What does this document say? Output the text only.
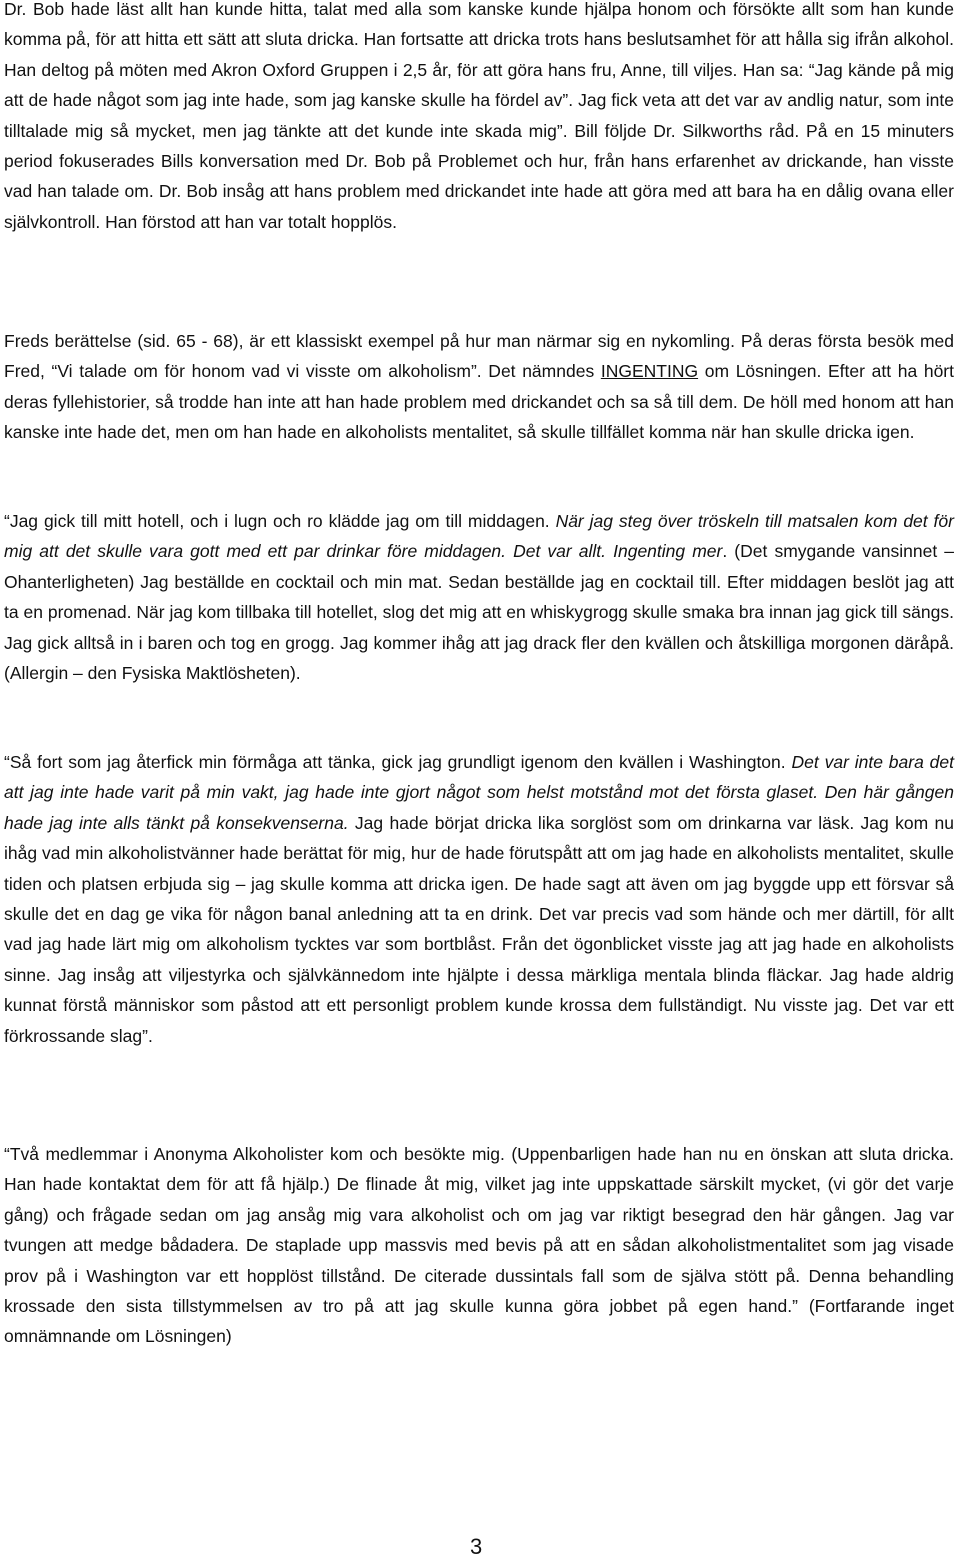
Dr. Bob hade läst allt han kunde hitta, talat med alla som kanske kunde hjälpa honom och försökte allt som han kunde komma på, för att hitta ett sätt att sluta dricka. Han fortsatte att dricka trots hans beslutsamhet för att hålla sig ifrån alkohol. Han deltog på möten med Akron Oxford Gruppen i 2,5 år, för att göra hans fru, Anne, till viljes. Han sa: “Jag kände på mig att de hade något som jag inte hade, som jag kanske skulle ha fördel av”. Jag fick veta att det var av andlig natur, som inte tilltalade mig så mycket, men jag tänkte att det kunde inte skada mig”. Bill följde Dr. Silkworths råd. På en 15 minuters period fokuserades Bills konversation med Dr. Bob på Problemet och hur, från hans erfarenhet av drickande, han visste vad han talade om. Dr. Bob insåg att hans problem med drickandet inte hade att göra med att bara ha en dålig ovana eller självkontroll. Han förstod att han var totalt hopplös.

Freds berättelse (sid. 65 - 68), är ett klassiskt exempel på hur man närmar sig en nykomling. På deras första besök med Fred, “Vi talade om för honom vad vi visste om alkoholism”. Det nämndes INGENTING om Lösningen. Efter att ha hört deras fyllehistorier, så trodde han inte att han hade problem med drickandet och sa så till dem. De höll med honom att han kanske inte hade det, men om han hade en alkoholists mentalitet, så skulle tillfället komma när han skulle dricka igen.

“Jag gick till mitt hotell, och i lugn och ro klädde jag om till middagen. När jag steg över tröskeln till matsalen kom det för mig att det skulle vara gott med ett par drinkar före middagen. Det var allt. Ingenting mer. (Det smygande vansinnet – Ohanterligheten) Jag beställde en cocktail och min mat. Sedan beställde jag en cocktail till. Efter middagen beslöt jag att ta en promenad. När jag kom tillbaka till hotellet, slog det mig att en whiskygrogg skulle smaka bra innan jag gick till sängs. Jag gick alltså in i baren och tog en grogg. Jag kommer ihåg att jag drack fler den kvällen och åtskilliga morgonen däråpå. (Allergin – den Fysiska Maktlösheten).

“Så fort som jag återfick min förmåga att tänka, gick jag grundligt igenom den kvällen i Washington. Det var inte bara det att jag inte hade varit på min vakt, jag hade inte gjort något som helst motstånd mot det första glaset. Den här gången hade jag inte alls tänkt på konsekvenserna. Jag hade börjat dricka lika sorglöst som om drinkarna var läsk. Jag kom nu ihåg vad min alkoholistvänner hade berättat för mig, hur de hade förutspått att om jag hade en alkoholists mentalitet, skulle tiden och platsen erbjuda sig – jag skulle komma att dricka igen. De hade sagt att även om jag byggde upp ett försvar så skulle det en dag ge vika för någon banal anledning att ta en drink. Det var precis vad som hände och mer därtill, för allt vad jag hade lärt mig om alkoholism tycktes var som bortblåst. Från det ögonblicket visste jag att jag hade en alkoholists sinne. Jag insåg att viljestyrka och självkännedom inte hjälpte i dessa märkliga mentala blinda fläckar. Jag hade aldrig kunnat förstå människor som påstod att ett personligt problem kunde krossa dem fullständigt. Nu visste jag. Det var ett förkrossande slag”.

“Två medlemmar i Anonyma Alkoholister kom och besökte mig. (Uppenbarligen hade han nu en önskan att sluta dricka. Han hade kontaktat dem för att få hjälp.) De flinade åt mig, vilket jag inte uppskattade särskilt mycket, (vi gör det varje gång) och frågade sedan om jag ansåg mig vara alkoholist och om jag var riktigt besegrad den här gången. Jag var tvungen att medge bådadera. De staplade upp massvis med bevis på att en sådan alkoholistmentalitet som jag visade prov på i Washington var ett hopplöst tillstånd. De citerade dussintals fall som de själva stött på. Denna behandling krossade den sista tillstymmelsen av tro på att jag skulle kunna göra jobbet på egen hand.” (Fortfarande inget omnämnande om Lösningen)

3
